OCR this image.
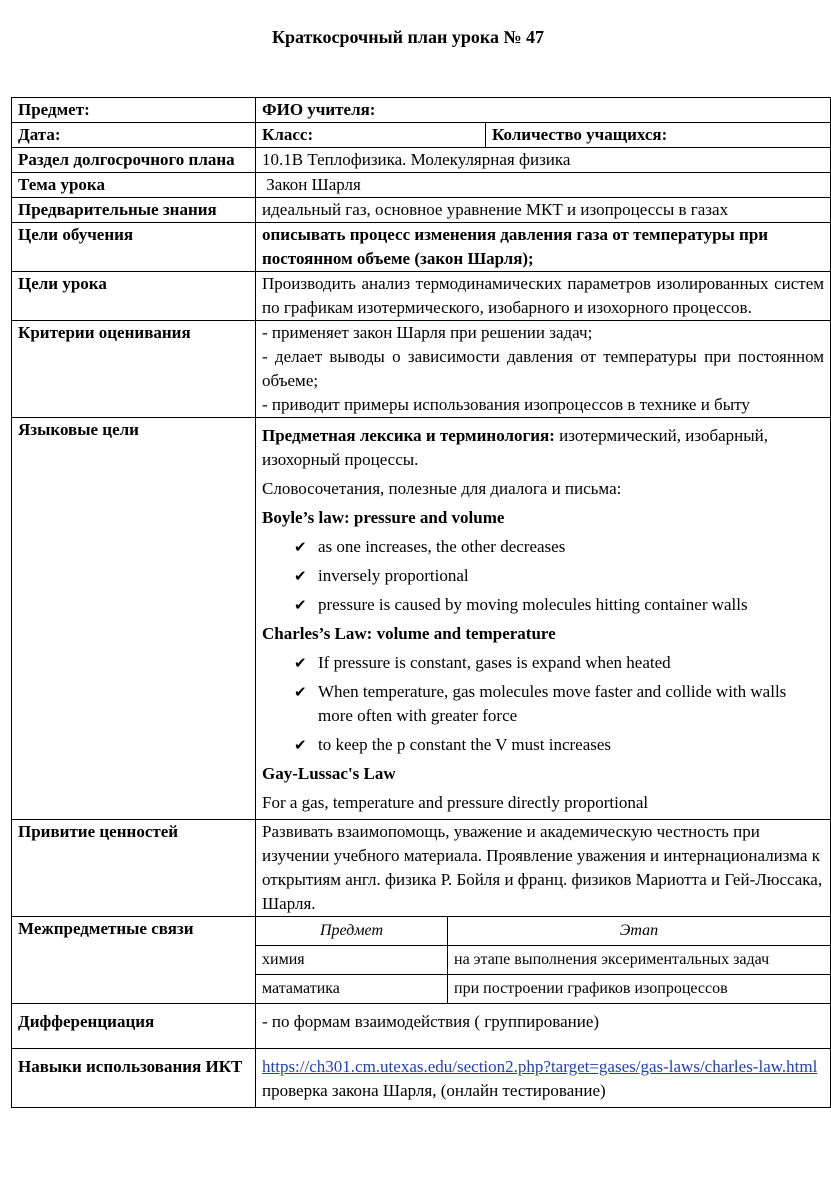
Краткосрочный план урока № 47
Предмет:	ФИО учителя:
Дата:	Класс:	Количество учащихся:
Раздел долгосрочного плана	10.1В Теплофизика. Молекулярная физика
Тема урока	Закон Шарля
Предварительные знания	идеальный газ, основное уравнение МКТ и изопроцессы в газах
Цели обучения	описывать процесс изменения давления газа от температуры при постоянном объеме (закон Шарля);
Цели урока	Производить анализ термодинамических параметров изолированных систем по графикам изотермического, изобарного и изохорного процессов.
Критерии оценивания	- применяет закон Шарля при решении задач;
- делает выводы о зависимости давления от температуры при постоянном объеме;
- приводит примеры использования изопроцессов в технике и быту

Языковые цели	Предметная лексика и терминология: изотермический, изобарный, изохорный процессы.
Словосочетания, полезные для диалога и письма:
Boyle’s law: pressure and volume
✔ as one increases, the other decreases
✔ inversely proportional
✔ pressure is caused by moving molecules hitting container walls
Charles’s Law: volume and temperature
✔ If pressure is constant, gases is expand when heated
✔ When temperature, gas molecules move faster and collide with walls more often with greater force
✔ to keep the p constant the V must increases
Gay-Lussac's Law
For a gas, temperature and pressure directly proportional

Привитие ценностей	Развивать взаимопомощь, уважение и академическую честность при изучении учебного материала. Проявление уважения и интернационализма к открытиям англ. физика Р. Бойля и франц. физиков Мариотта и Гей-Люссака, Шарля.
Межпредметные связи		Предмет	Этап
химия	на этапе выполнения эксериментальных задач
матаматика	при построении графиков изопроцессов

Дифференциация	- по формам взаимодействия ( группирование)
Навыки использования ИКТ	https://ch301.cm.utexas.edu/section2.php?target=gases/gas-laws/charles-law.html  проверка закона Шарля, (онлайн тестирование)
